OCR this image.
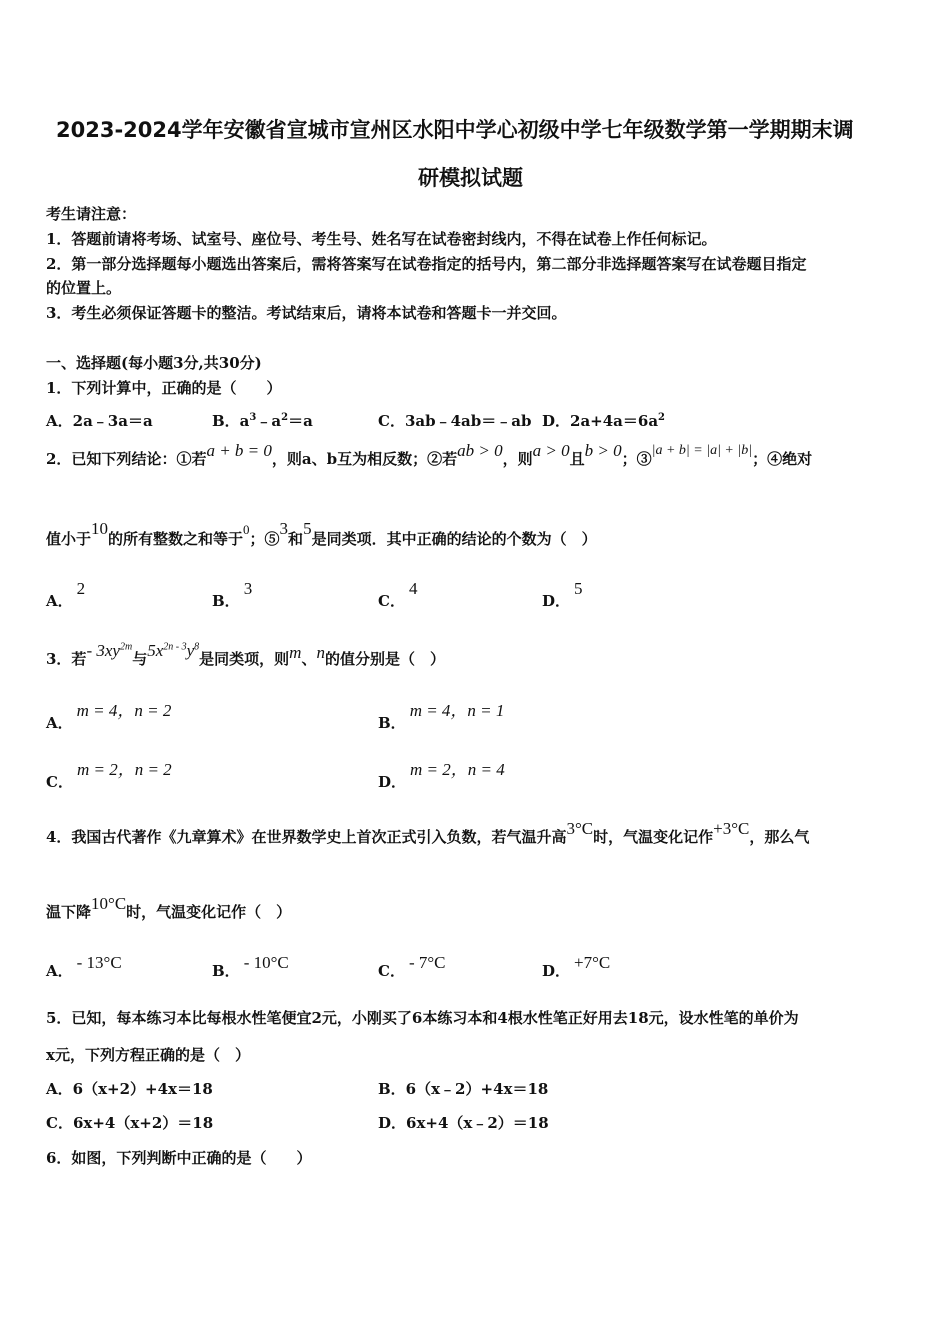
2023-2024学年安徽省宣城市宣州区水阳中学心初级中学七年级数学第一学期期末调
研模拟试题
考生请注意：
1．答题前请将考场、试室号、座位号、考生号、姓名写在试卷密封线内，不得在试卷上作任何标记。
2．第一部分选择题每小题选出答案后，需将答案写在试卷指定的括号内，第二部分非选择题答案写在试卷题目指定
的位置上。
3．考生必须保证答题卡的整洁。考试结束后，请将本试卷和答题卡一并交回。
一、选择题(每小题3分,共30分)
1．下列计算中，正确的是（　　）
A．2a﹣3a＝a	B．$a^3﹣a^2=a$	C．3ab﹣4ab＝﹣ab D．$2a+4a=6a^2$
2．已知下列结论：①若a + b = 0，则a、b互为相反数；②若ab > 0，则a > 0且b > 0；③|a + b| = |a| + |b|；④绝对
值小于10的所有整数之和等于0；⑤3和5是同类项．其中正确的结论的个数为（　）
A．2
B．3
C．4
D．5
3．若- $3xy^{2m}$与$5x^{2n - 3}y^8$是同类项，则m、n的值分别是（　）
A．m = 4，n = 2
B．m = 4，n = 1
C．m = 2，n = 2
D．m = 2，n = 4
4．我国古代著作《九章算术》在世界数学史上首次正式引入负数，若气温升高3°C时，气温变化记作+3°C，那么气
温下降10°C时，气温变化记作（　）
A． - 13°C	B． - 10°C	C． - 7°C	D． +7°C
5．已知，每本练习本比每根水性笔便宜2元，小刚买了6本练习本和4根水性笔正好用去18元，设水性笔的单价为
x元，下列方程正确的是（　）
A．6（x+2）+4x＝18	B．6（x﹣2）+4x＝18
C．6x+4（x+2）＝18	D．6x+4（x﹣2）＝18
6．如图，下列判断中正确的是（　　）
